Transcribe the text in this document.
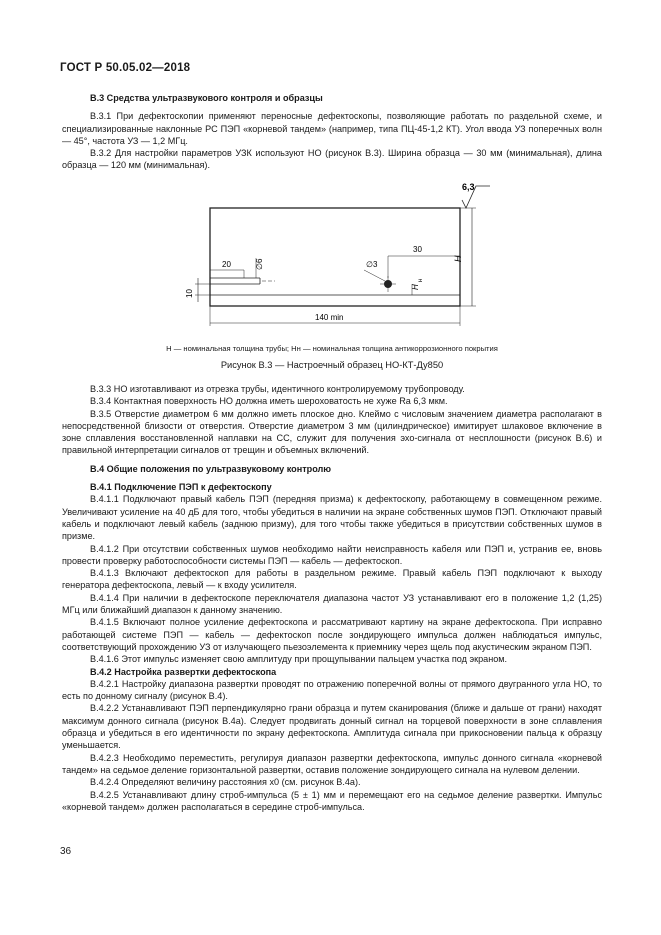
ГОСТ Р 50.05.02—2018

B.3 Средства ультразвукового контроля и образцы

B.3.1 При дефектоскопии применяют переносные дефектоскопы, позволяющие работать по раздельной схеме, и специализированные наклонные РС ПЭП «корневой тандем» (например, типа ПЦ-45-1,2 КТ). Угол ввода УЗ поперечных волн — 45°, частота УЗ — 1,2 МГц.

B.3.2 Для настройки параметров УЗК используют НО (рисунок В.3). Ширина образца — 30 мм (минимальная), длина образца — 120 мм (минимальная).

30
20	∅6	∅3
H
н
H
10
140 min
6,3
H — номинальная толщина трубы; Hн — номинальная толщина антикоррозионного покрытия
Рисунок В.3 — Настроечный образец НО-КТ-Ду850

B.3.3 НО изготавливают из отрезка трубы, идентичного контролируемому трубопроводу.

B.3.4 Контактная поверхность НО должна иметь шероховатость не хуже Ra 6,3 мкм.

B.3.5 Отверстие диаметром 6 мм должно иметь плоское дно. Клеймо с числовым значением диаметра располагают в непосредственной близости от отверстия. Отверстие диаметром 3 мм (цилиндрическое) имитирует шлаковое включение в зоне сплавления восстановленной наплавки на СС, служит для получения эхо-сигнала от несплошности (рисунок В.6) и правильной интерпретации сигналов от трещин и объемных включений.

B.4 Общие положения по ультразвуковому контролю

B.4.1 Подключение ПЭП к дефектоскопу

B.4.1.1 Подключают правый кабель ПЭП (передняя призма) к дефектоскопу, работающему в совмещенном режиме. Увеличивают усиление на 40 дБ для того, чтобы убедиться в наличии на экране собственных шумов ПЭП. Отключают правый кабель и подключают левый кабель (заднюю призму), для того чтобы также убедиться в присутствии собственных шумов в призме.

B.4.1.2 При отсутствии собственных шумов необходимо найти неисправность кабеля или ПЭП и, устранив ее, вновь провести проверку работоспособности системы ПЭП — кабель — дефектоскоп.

B.4.1.3 Включают дефектоскоп для работы в раздельном режиме. Правый кабель ПЭП подключают к выходу генератора дефектоскопа, левый — к входу усилителя.

B.4.1.4 При наличии в дефектоскопе переключателя диапазона частот УЗ устанавливают его в положение 1,2 (1,25) МГц или ближайший диапазон к данному значению.

B.4.1.5 Включают полное усиление дефектоскопа и рассматривают картину на экране дефектоскопа. При исправно работающей системе ПЭП — кабель — дефектоскоп после зондирующего импульса должен наблюдаться импульс, соответствующий прохождению УЗ от излучающего пьезоэлемента к приемнику через щель под акустическим экраном ПЭП.

B.4.1.6 Этот импульс изменяет свою амплитуду при прощупывании пальцем участка под экраном.

B.4.2 Настройка развертки дефектоскопа

B.4.2.1 Настройку диапазона развертки проводят по отражению поперечной волны от прямого двугранного угла НО, то есть по донному сигналу (рисунок В.4).

B.4.2.2 Устанавливают ПЭП перпендикулярно грани образца и путем сканирования (ближе и дальше от грани) находят максимум донного сигнала (рисунок В.4а). Следует продвигать донный сигнал на торцевой поверхности в зоне сплавления образца и убедиться в его идентичности по экрану дефектоскопа. Амплитуда сигнала при прикосновении пальца к образцу уменьшается.

B.4.2.3 Необходимо переместить, регулируя диапазон развертки дефектоскопа, импульс донного сигнала «корневой тандем» на седьмое деление горизонтальной развертки, оставив положение зондирующего сигнала на нулевом делении.

B.4.2.4 Определяют величину расстояния x0 (см. рисунок В.4а).

B.4.2.5 Устанавливают длину строб-импульса (5 ± 1) мм и перемещают его на седьмое деление развертки. Импульс «корневой тандем» должен располагаться в середине строб-импульса.

36
